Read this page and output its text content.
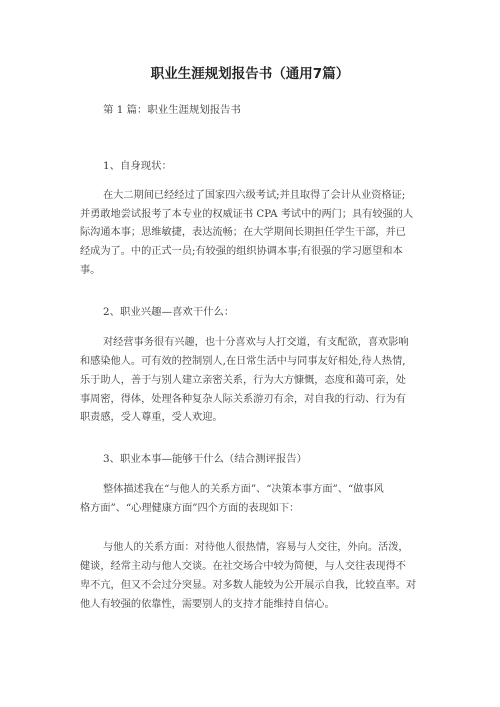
职业生涯规划报告书（通用7篇）
第 1 篇：职业生涯规划报告书
1、自身现状：
在大二期间已经经过了国家四六级考试;并且取得了会计从业资格证;
并勇敢地尝试报考了本专业的权威证书 CPA 考试中的两门；具有较强的人
际沟通本事；思维敏捷，表达流畅；在大学期间长期担任学生干部，并已
经成为了。中的正式一员;有较强的组织协调本事;有很强的学习愿望和本
事。
2、职业兴趣—喜欢干什么：
对经营事务很有兴趣，也十分喜欢与人打交道，有支配欲，喜欢影响
和感染他人。可有效的控制别人,在日常生活中与同事友好相处,待人热情,
乐于助人，善于与别人建立亲密关系，行为大方慷慨，态度和蔼可亲，处
事周密，得体，处理各种复杂人际关系游刃有余，对自我的行动、行为有
职责感，受人尊重，受人欢迎。
3、职业本事—能够干什么（结合测评报告）
整体描述我在“与他人的关系方面”、“决策本事方面”、“做事风
格方面”、“心理健康方面”四个方面的表现如下：
与他人的关系方面：对待他人很热情，容易与人交往，外向。活泼，
健谈，经常主动与他人交谈。在社交场合中较为简便，与人交往表现得不
卑不亢，但又不会过分突显。对多数人能较为公开展示自我，比较直率。对
他人有较强的依靠性，需要别人的支持才能维持自信心。
